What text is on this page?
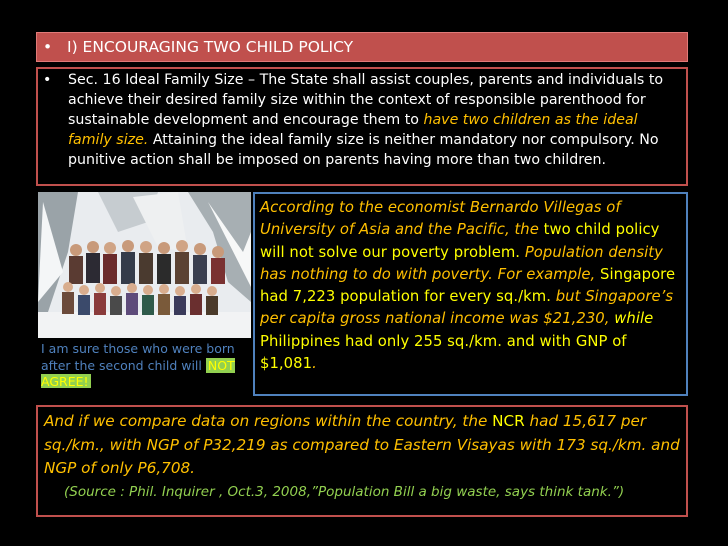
• I) ENCOURAGING TWO CHILD POLICY
•	Sec. 16 Ideal Family Size – The State shall assist couples, parents and individuals to achieve their desired family size within the context of responsible parenthood for sustainable development and encourage them to have two children as the ideal family size. Attaining the ideal family size is neither mandatory nor compulsory. No punitive action shall be imposed on parents having more than two children.
I am sure those who were born after the second child will NOT AGREE!
According to the economist Bernardo Villegas of University of Asia and the Pacific, the two child policy will not solve our poverty problem. Population density has nothing to do with poverty. For example, Singapore had 7,223 population for every sq./km. but Singapore’s per capita gross national income was $21,230, while Philippines had only 255 sq./km. and with GNP of $1,081.
And if we compare data on regions within the country, the NCR had 15,617 per sq./km., with NGP of P32,219 as compared to Eastern Visayas with 173 sq./km. and NGP of only P6,708.
(Source : Phil. Inquirer , Oct.3, 2008,”Population Bill a big waste, says think tank.”)
